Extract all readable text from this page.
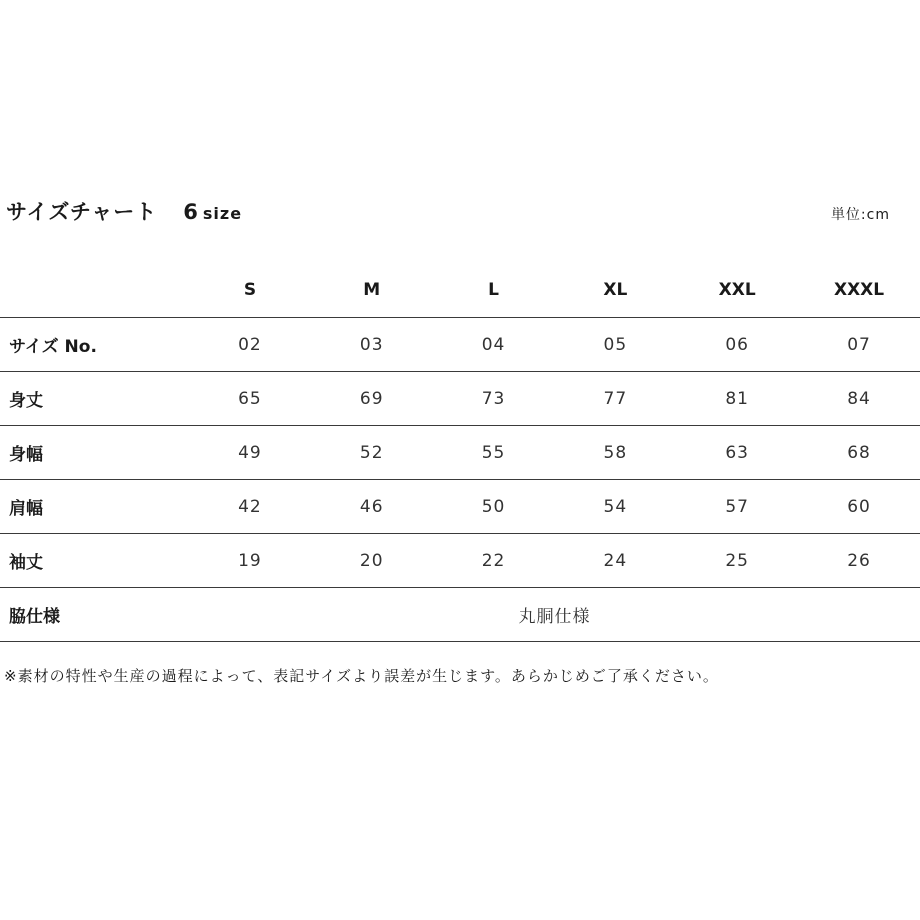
サイズチャート 6 size	単位:cm
	S	M	L	XL	XXL	XXXL
サイズ No.	02	03	04	05	06	07
身丈	65	69	73	77	81	84
身幅	49	52	55	58	63	68
肩幅	42	46	50	54	57	60
袖丈	19	20	22	24	25	26
脇仕様	丸胴仕様					
※素材の特性や生産の過程によって、表記サイズより誤差が生じます。あらかじめご了承ください。
